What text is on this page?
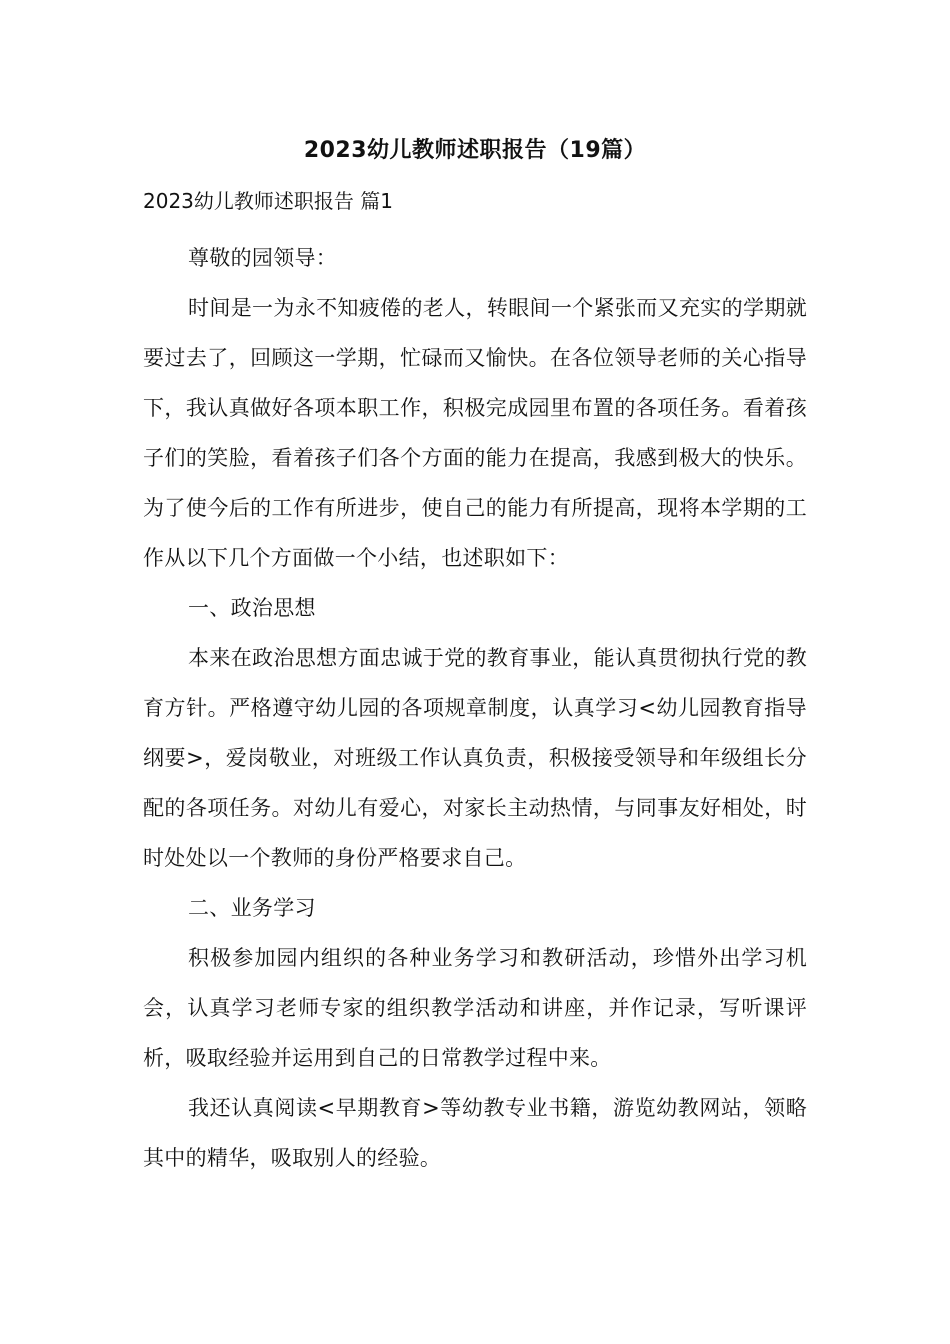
2023幼儿教师述职报告（19篇）
2023幼儿教师述职报告 篇1

尊敬的园领导：

时间是一为永不知疲倦的老人，转眼间一个紧张而又充实的学期就要过去了，回顾这一学期，忙碌而又愉快。在各位领导老师的关心指导下，我认真做好各项本职工作，积极完成园里布置的各项任务。看着孩子们的笑脸，看着孩子们各个方面的能力在提高，我感到极大的快乐。为了使今后的工作有所进步，使自己的能力有所提高，现将本学期的工作从以下几个方面做一个小结，也述职如下：

一、政治思想

本来在政治思想方面忠诚于党的教育事业，能认真贯彻执行党的教育方针。严格遵守幼儿园的各项规章制度，认真学习<幼儿园教育指导纲要>，爱岗敬业，对班级工作认真负责，积极接受领导和年级组长分配的各项任务。对幼儿有爱心，对家长主动热情，与同事友好相处，时时处处以一个教师的身份严格要求自己。

二、业务学习

积极参加园内组织的各种业务学习和教研活动，珍惜外出学习机会，认真学习老师专家的组织教学活动和讲座，并作记录，写听课评析，吸取经验并运用到自己的日常教学过程中来。

我还认真阅读<早期教育>等幼教专业书籍，游览幼教网站，领略其中的精华，吸取别人的经验。
